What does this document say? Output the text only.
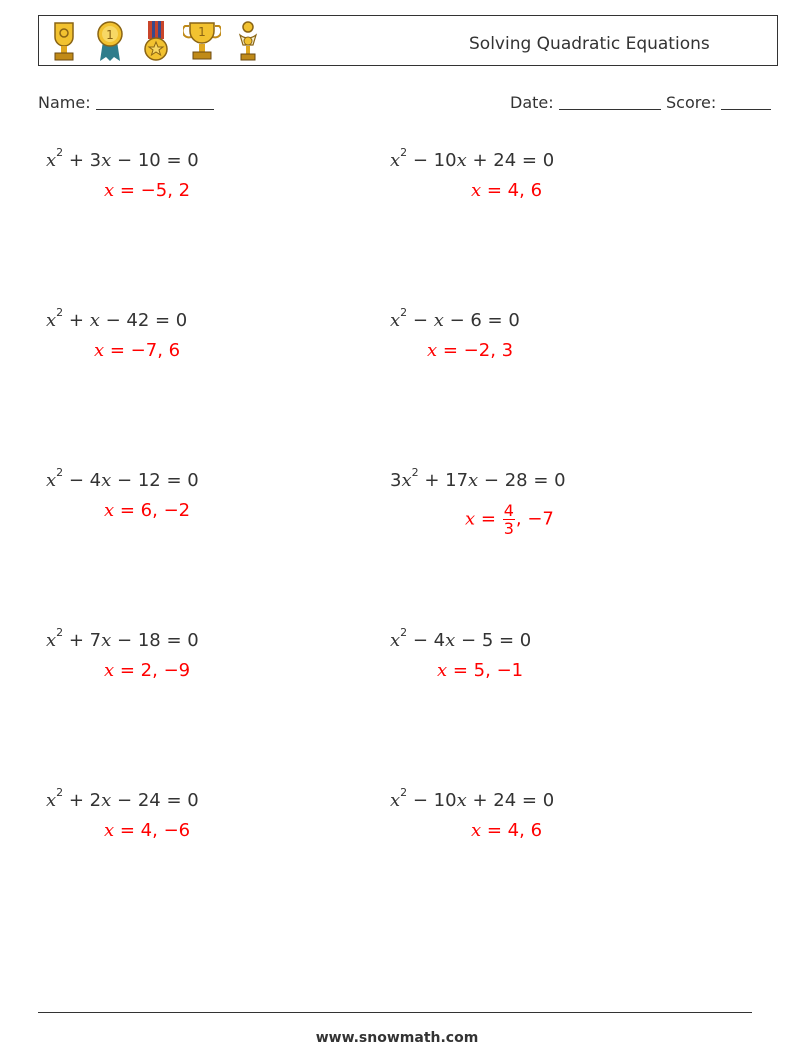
1	1
Solving Quadratic Equations
Name:	Date:	Score:
$x^2 + 3x - 10 = 0$
x = −5, 2
$x^2 - 10x + 24 = 0$
x = 4, 6
$x^2 + x - 42 = 0$
x = −7, 6
$x^2 - x - 6 = 0$
x = −2, 3
$x^2 - 4x - 12 = 0$
x = 6, −2
$3x^2 + 17x - 28 = 0$
$x = \frac{4}{3}$ , −7
$x^2 + 7x - 18 = 0$
x = 2, −9
$x^2 - 4x - 5 = 0$
x = 5, −1
$x^2 + 2x - 24 = 0$
x = 4, −6
$x^2 - 10x + 24 = 0$
x = 4, 6
www.snowmath.com
